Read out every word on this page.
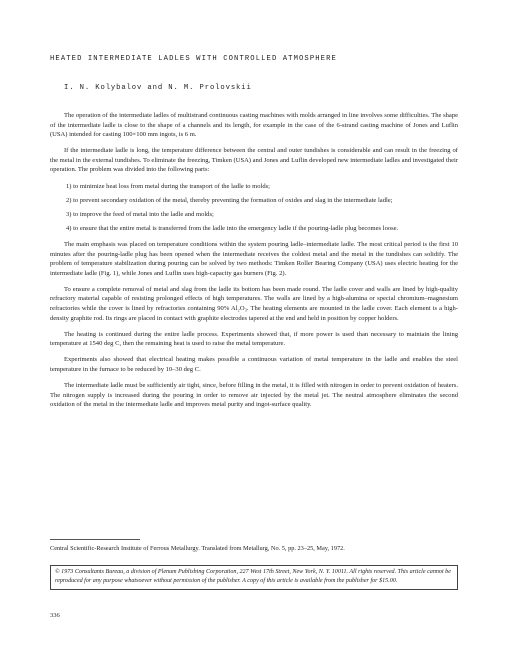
HEATED INTERMEDIATE LADLES WITH CONTROLLED ATMOSPHERE
I. N. Kolybalov and N. M. Prolovskii

The operation of the intermediate ladles of multistrand continuous casting machines with molds arranged in line involves some difficulties. The shape of the intermediate ladle is close to the shape of a channels and its length, for example in the case of the 6-strand casting machine of Jones and Luflin (USA) intended for casting 100×100 mm ingots, is 6 m.

If the intermediate ladle is long, the temperature difference between the central and outer tundishes is considerable and can result in the freezing of the metal in the external tundishes. To eliminate the freezing, Timken (USA) and Jones and Luflin developed new intermediate ladles and investigated their operation. The problem was divided into the following parts:

1) to minimize heat loss from metal during the transport of the ladle to molds;
2) to prevent secondary oxidation of the metal, thereby preventing the formation of oxides and slag in the intermediate ladle;
3) to improve the feed of metal into the ladle and molds;
4) to ensure that the entire metal is transferred from the ladle into the emergency ladle if the pouring-ladle plug becomes loose.

The main emphasis was placed on temperature conditions within the system pouring ladle–intermediate ladle. The most critical period is the first 10 minutes after the pouring-ladle plug has been opened when the intermediate receives the coldest metal and the metal in the tundishes can solidify. The problem of temperature stabilization during pouring can be solved by two methods: Timken Roller Bearing Company (USA) uses electric heating for the intermediate ladle (Fig. 1), while Jones and Luflin uses high-capacity gas burners (Fig. 2).

To ensure a complete removal of metal and slag from the ladle its bottom has been made round. The ladle cover and walls are lined by high-quality refractory material capable of resisting prolonged effects of high temperatures. The walls are lined by a high-alumina or special chromium–magnesium refractories while the cover is lined by refractories containing 90% Al₂O₃. The heating elements are mounted in the ladle cover. Each element is a high-density graphite rod. Its rings are placed in contact with graphite electrodes tapered at the end and held in position by copper holders.

The heating is continued during the entire ladle process. Experiments showed that, if more power is used than necessary to maintain the lining temperature at 1540 deg C, then the remaining heat is used to raise the metal temperature.

Experiments also showed that electrical heating makes possible a continuous variation of metal temperature in the ladle and enables the steel temperature in the furnace to be reduced by 10–30 deg C.

The intermediate ladle must be sufficiently air tight, since, before filling in the metal, it is filled with nitrogen in order to prevent oxidation of heaters. The nitrogen supply is increased during the pouring in order to remove air injected by the metal jet. The neutral atmosphere eliminates the second oxidation of the metal in the intermediate ladle and improves metal purity and ingot-surface quality.

Central Scientific-Research Institute of Ferrous Metallurgy. Translated from Metallurg, No. 5, pp. 23–25, May, 1972.
© 1973 Consultants Bureau, a division of Plenum Publishing Corporation, 227 West 17th Street, New York, N. Y. 10011. All rights reserved. This article cannot be reproduced for any purpose whatsoever without permission of the publisher. A copy of this article is available from the publisher for $15.00.
336
